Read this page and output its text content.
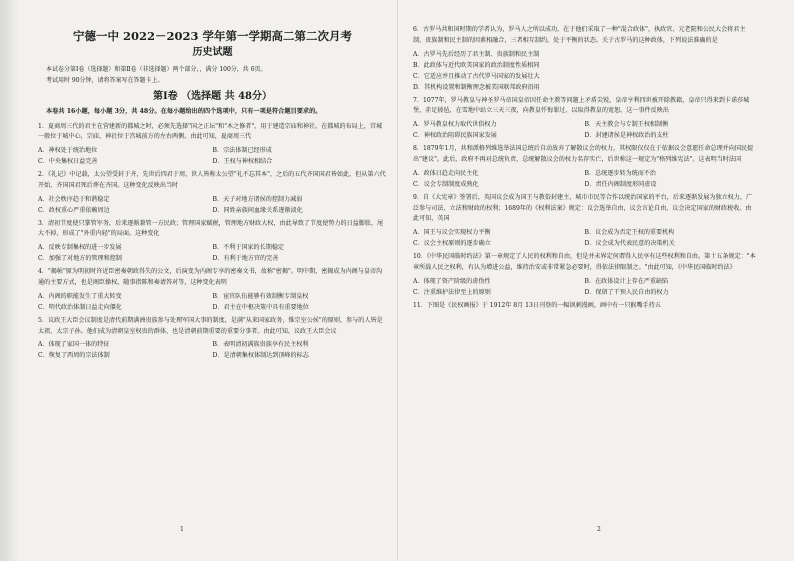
宁德一中 2022－2023 学年第一学期高二第二次月考
历史试题
本试卷分第Ⅰ卷（选择题）和第Ⅱ卷（非选择题）两个部分，，满分 100分，共 6页。
考试用时 90分钟，请将答案写在答题卡上。
第Ⅰ卷 （选择题 共 48分）
本卷共 16小题，每小题 3分，共 48分。在每小题给出的四个选项中，只有一项是符合题目要求的。
1．夏商周三代的君主在营建新的都城之时，必须先选择"国之正坛"和"木之修者"，用于建造宗庙和神社。在都城的布局上，宫城一般位于城中心，宗庙、神社位于宫城前方的左右两侧。由此可知，夏商周三代
A．神权处于统治地位	B．宗法体制已经形成
C．中央集权日益完善	D．王权与神权相结合
2．《礼记》中记载，太公望受封于齐，先世后四君于周，世人皆称太公望"礼不忘其本"，之后的五代齐国国君皆如此，但从第六代开始，齐国国君死后葬在齐国。这种变化反映出当时
A．社会秩序趋于和谐稳定	B．天子对地方诸侯的控制力减弱
C．政权重心严重依赖周边	D．同姓亲族间血缘关系逐渐淡化
3．清初节度使只掌管军务，后来逐渐兼管一方民政；管理国家赋税，管理地方财政大权，由此导致了节度使势力的日益膨胀，尾大不掉，形成了"外重内轻"的局面。这种变化
A．反映专制集权的进一步发展	B．不利于国家的长期稳定
C．加强了对地方的管理和控制	D．有利于地方官的完善
4．"揭帖"原为明初时许近臣密奏朝政得失的公文，后演变为内阁专享的密奏文书，故称"密揭"。明中期，密揭成为内阁与皇帝沟通的主要方式，也是阁臣操权、随事指陈和奏请答对等，这种变化表明
A．内阁的职能发生了重大转变	B．宦官队伍能够有效制衡专制皇权
C．明代政治体制日益走向僵化	D．君主在中枢决策中具有重要地位
5．议政王大臣会议制度是清代前期满洲贵族参与处理军国大事的制度，是满"从来国家政务，惟宗室公侯"的原则，参与的人皆是太祖、太宗子孙。他们成为清朝皇室权贵的群体，也是清朝前期重要的重要分事者。由此可知，议政王大臣会议
A．体现了家国一体的特征	B．表明清初满族贵族享有民主权利
C．恢复了西周的宗法体制	D．是清朝集权体制达到顶峰的标志
1
6．古罗马共和国时期的学者认为，罗马人之所以成功，在于他们采取了一种"混合政体"，执政官、元老院和公民大会将君主制、贵族制和民主制的因素相融合，三者相互制约，处于平衡的状态。关于古罗马的这种政体，下列说法准确的是
A．古罗马先后经历了君主制、贵族制和民主制
B．此政体与近代欧美国家的政治制度性质相同
C．它适应并且推动了古代罗马国家的发展壮大
D．其机构设置和制衡理念被美国联邦政府沿用
7．1077年，罗马教皇与神圣罗马帝国皇帝因任命主教等问题上矛盾尖锐，皇帝亨利四世被开除教籍，皇帝只得来到卡诺莎城堡，赤足披毡，在雪地中站立三天三夜，向教皇忏悔罪过，以取得教皇的宽恕。这一事件反映出
A．罗马教皇权力取代世俗权力	B．天主教会与专制王权相制衡
C．神权政治阻碍民族国家发展	D．封建诸侯是神权政治的支柱
8．1879年1月，共和派格列维选举法国总统后自动放弃了解散议会的权力，其权限仅仅在于依据议会意愿任命总理并向国民提出"建议"。此后，政府不再对总统负责，总统解散议会的权力名存实亡，后世称这一规定为"格列维宪法"。这表明当时法国
A．政体日趋走向民主化	B．总统逐步转为统而不治
C．议会专制制度成熟化	D．责任内阁制度形同虚设
9．自《大宪章》签署后，英国议会成为国王与教俗封建主、城市市民等合作以统治国家的平台，后来逐渐发展为独立权力，广泛参与司法、立法和财政的权利；1689年的《权利法案》规定：议会选举自由，议会言论自由，议会决定国家的财政税收。由此可知，英国
A．国王与议会实现权力平衡	B．议会成为否定王权的重要机构
C．议会主权原则的逐步确立	D．议会成为代表民意的决策机关
10．《中华民国临时约法》第一章规定了人民的权利和自由，但是并未界定何谓得人民享有这些权利和自由。第十五条规定："本章所载人民之权利，有认为增进公益，维持治安或非常紧急必要时，得依法律限制之。"由此可知，《中华民国临时约法》
A．体现了资产阶级的虚伪性	B．在政体设计上存在严重缺陷
C．注重维护法律至上的原则	D．保留了干预人民自由的权力
11．下图是《民权画报》于 1912年 8月 13日刊登的一幅讽刺漫画，画中有一只猴嘴手持五
2
